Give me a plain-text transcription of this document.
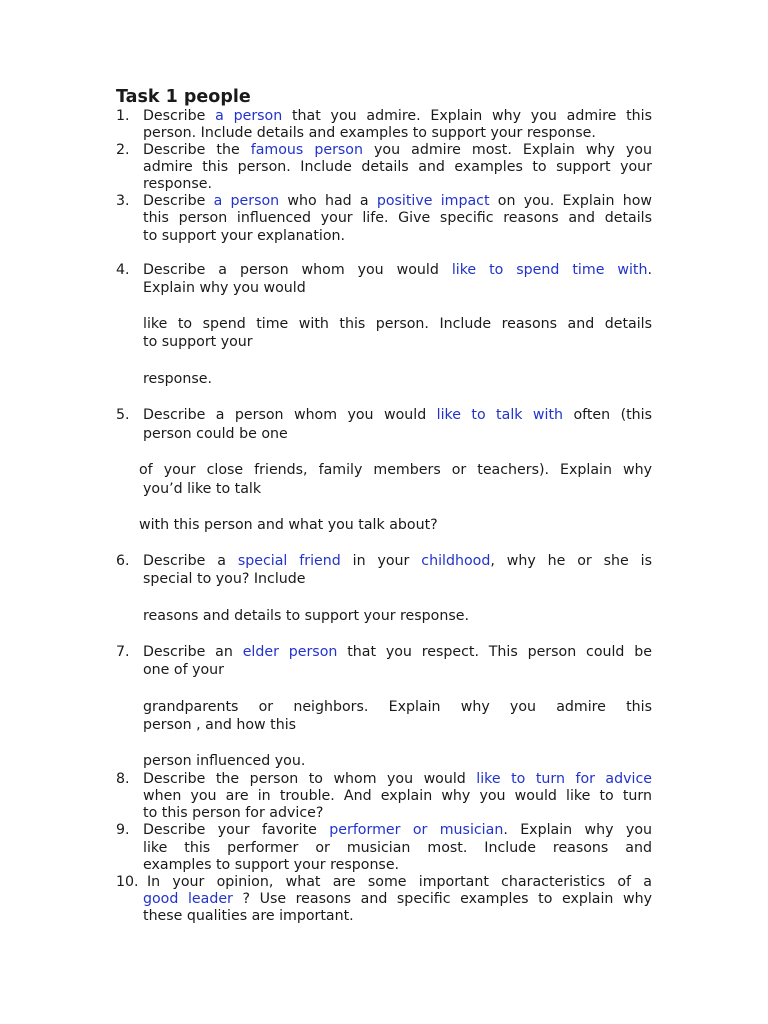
Task 1 people
1. Describe a person that you admire. Explain why you admire this
person. Include details and examples to support your response.
2. Describe the famous person you admire most. Explain why you
admire this person. Include details and examples to support your
response.
3. Describe a person who had a positive impact on you. Explain how
this person influenced your life. Give specific reasons and details
to support your explanation.
4. Describe a person whom you would like to spend time with.
Explain why you would
like to spend time with this person. Include reasons and details
to support your
response.
5. Describe a person whom you would like to talk with often (this
person could be one
of your close friends, family members or teachers). Explain why
you’d like to talk
with this person and what you talk about?
6. Describe a special friend in your childhood, why he or she is
special to you? Include
reasons and details to support your response.
7. Describe an elder person that you respect. This person could be
one of your
grandparents or neighbors. Explain why you admire this
person , and how this
person influenced you.
8. Describe the person to whom you would like to turn for advice
when you are in trouble. And explain why you would like to turn
to this person for advice?
9. Describe your favorite performer or musician. Explain why you
like this performer or musician most. Include reasons and
examples to support your response.
10. In your opinion, what are some important characteristics of a
good leader ? Use reasons and specific examples to explain why
these qualities are important.
